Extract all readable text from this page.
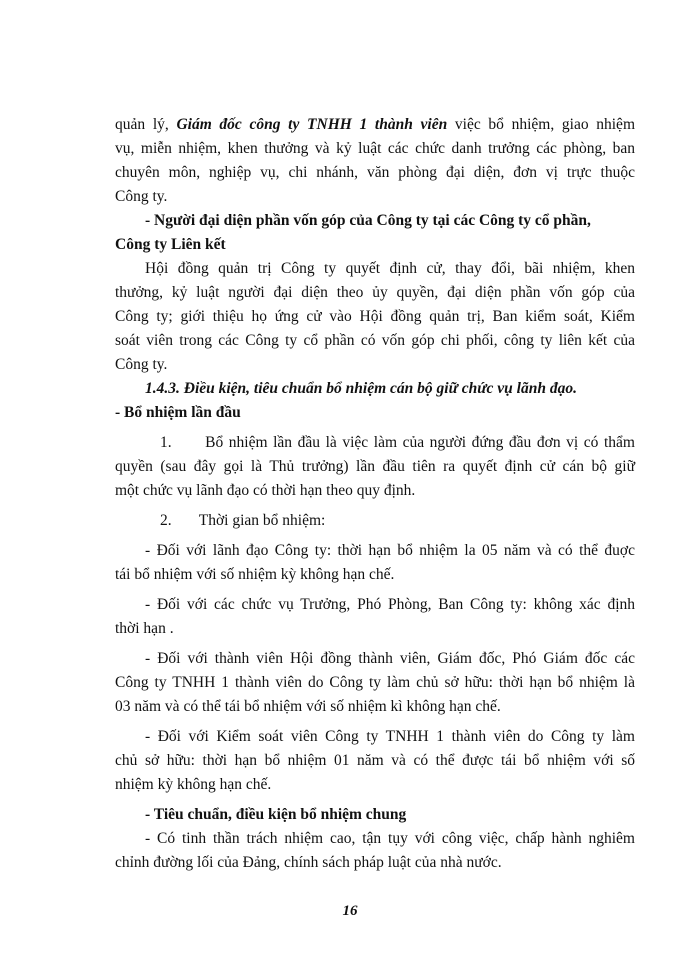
quản lý, Giám đốc công ty TNHH 1 thành viên việc bổ nhiệm, giao nhiệm
vụ, miễn nhiệm, khen thưởng và kỷ luật các chức danh trưởng các phòng, ban
chuyên môn, nghiệp vụ, chi nhánh, văn phòng đại diện, đơn vị trực thuộc
Công ty.
- Người đại diện phần vốn góp của Công ty tại các Công ty cổ phần,
Công ty Liên kết
Hội đồng quản trị Công ty quyết định cử, thay đổi, bãi nhiệm, khen
thưởng, kỷ luật người đại diện theo ủy quyền, đại diện phần vốn góp của
Công ty; giới thiệu họ ứng cử vào Hội đồng quản trị, Ban kiểm soát, Kiểm
soát viên trong các Công ty cổ phần có vốn góp chi phối, công ty liên kết của
Công ty.
1.4.3. Điều kiện, tiêu chuẩn bổ nhiệm cán bộ giữ chức vụ lãnh đạo.
- Bổ nhiệm lần đầu
1. Bổ nhiệm lần đầu là việc làm của người đứng đầu đơn vị có thẩm
quyền (sau đây gọi là Thủ trưởng) lần đầu tiên ra quyết định cử cán bộ giữ
một chức vụ lãnh đạo có thời hạn theo quy định.
2. Thời gian bổ nhiệm:
- Đối với lãnh đạo Công ty: thời hạn bổ nhiệm la 05 năm và có thể đuợc
tái bổ nhiệm với số nhiệm kỳ không hạn chế.
- Đối với các chức vụ Trưởng, Phó Phòng, Ban Công ty: không xác định
thời hạn .
- Đối với thành viên Hội đồng thành viên, Giám đốc, Phó Giám đốc các
Công ty TNHH 1 thành viên do Công ty làm chủ sở hữu: thời hạn bổ nhiệm là
03 năm và có thể tái bổ nhiệm với số nhiệm kì không hạn chế.
- Đối với Kiểm soát viên Công ty TNHH 1 thành viên do Công ty làm
chủ sở hữu: thời hạn bổ nhiệm 01 năm và có thể được tái bổ nhiệm với số
nhiệm kỳ không hạn chế.
- Tiêu chuẩn, điều kiện bổ nhiệm chung
- Có tinh thần trách nhiệm cao, tận tụy với công việc, chấp hành nghiêm
chỉnh đường lối của Đảng, chính sách pháp luật của nhà nước.
16
